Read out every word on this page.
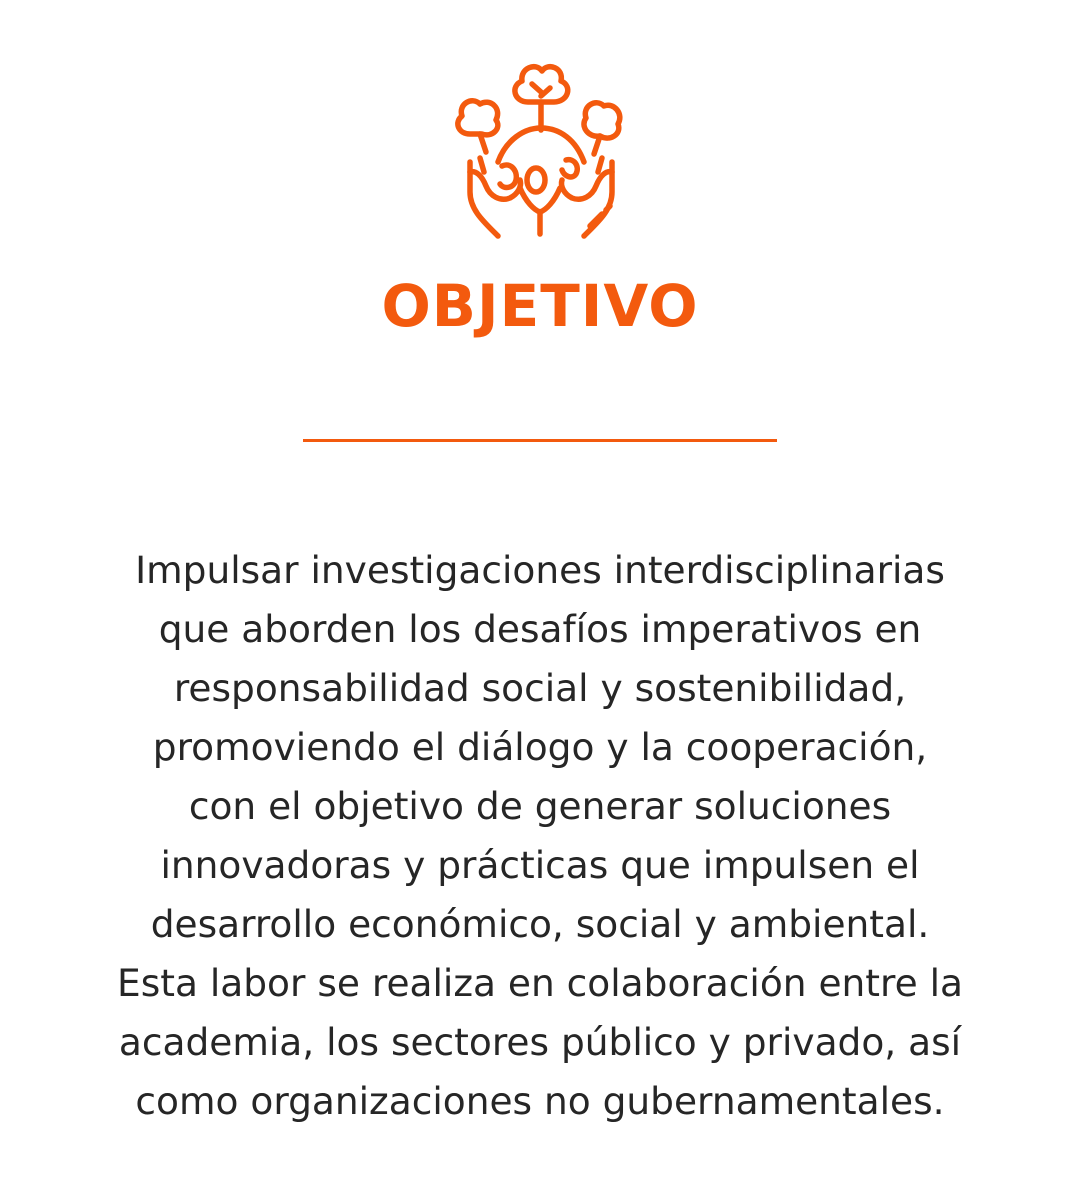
OBJETIVO

Impulsar investigaciones interdisciplinarias
que aborden los desafíos imperativos en
responsabilidad social y sostenibilidad,
promoviendo el diálogo y la cooperación,
con el objetivo de generar soluciones
innovadoras y prácticas que impulsen el
desarrollo económico, social y ambiental.
Esta labor se realiza en colaboración entre la
academia, los sectores público y privado, así
como organizaciones no gubernamentales.
